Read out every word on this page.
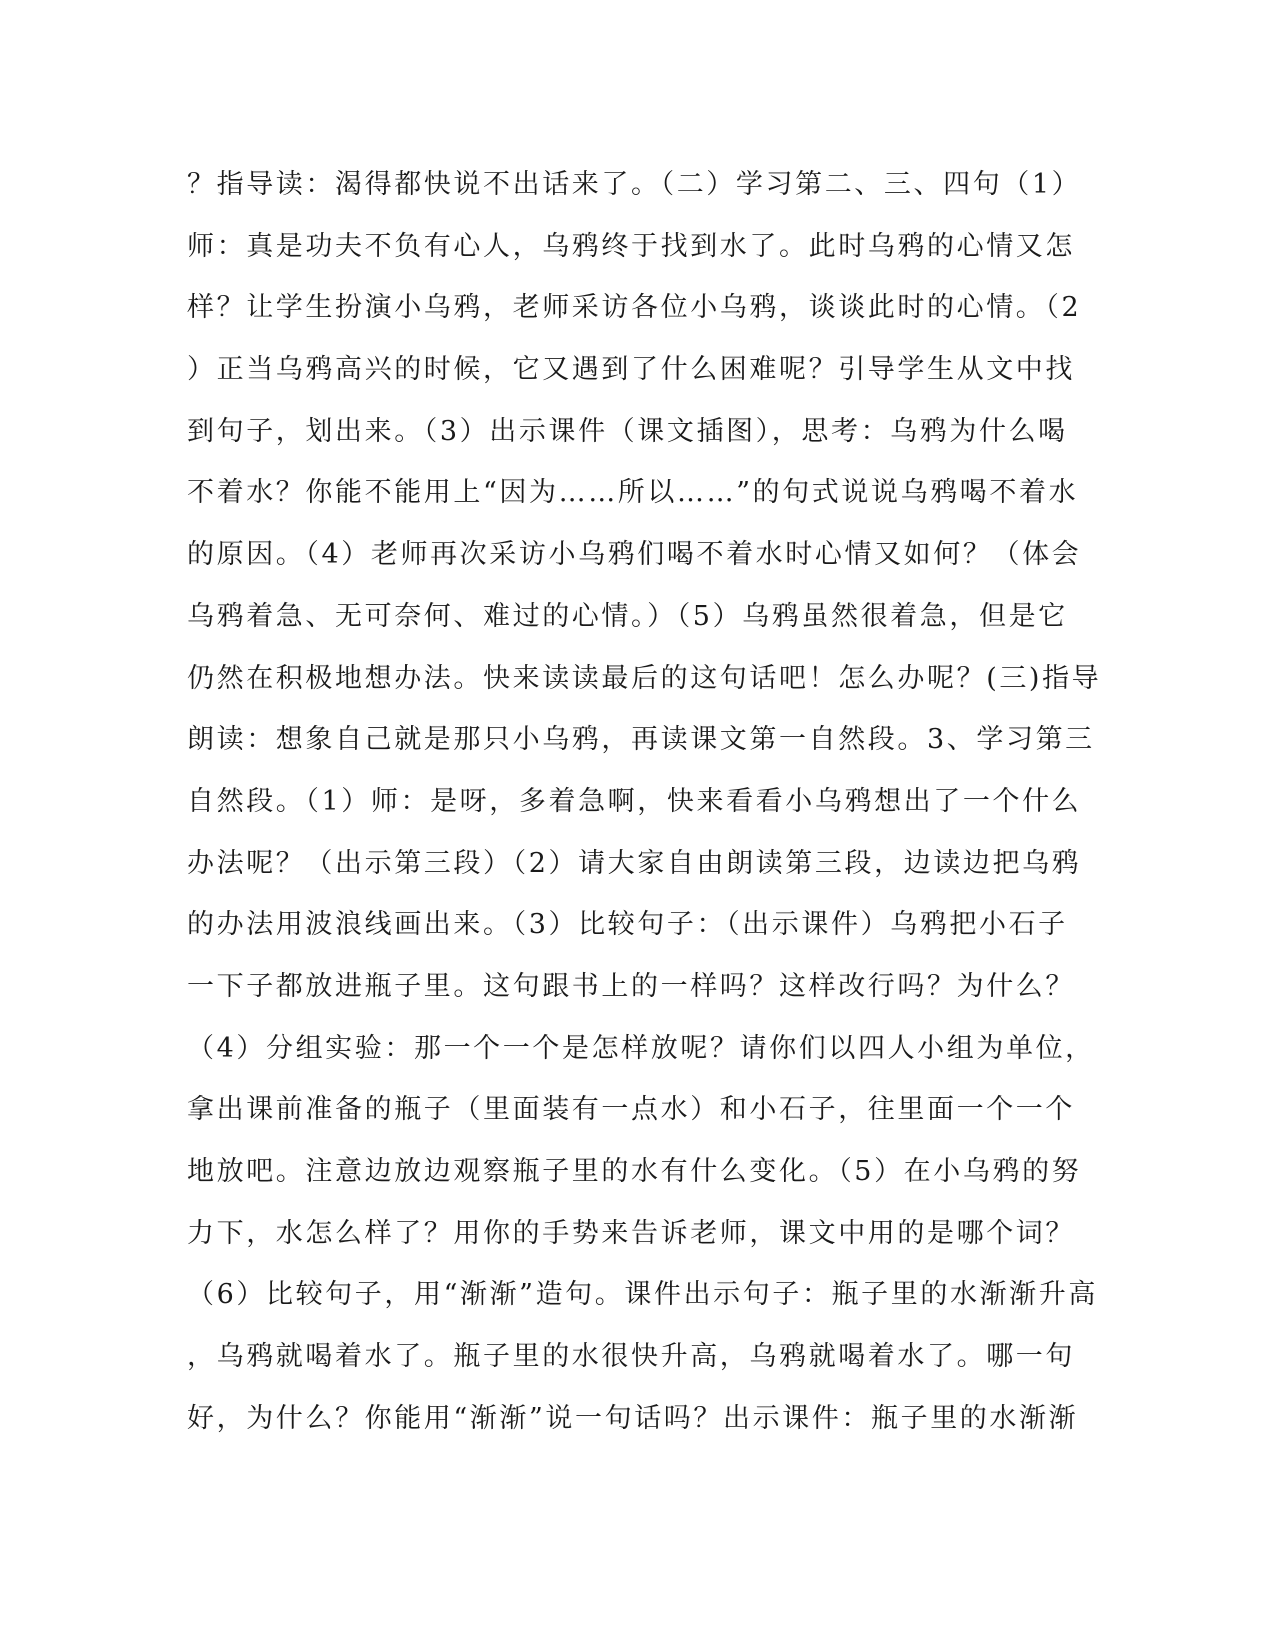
？指导读：渴得都快说不出话来了。（二）学习第二、三、四句（1）
师：真是功夫不负有心人，乌鸦终于找到水了。此时乌鸦的心情又怎
样？让学生扮演小乌鸦，老师采访各位小乌鸦，谈谈此时的心情。（2
）正当乌鸦高兴的时候，它又遇到了什么困难呢？引导学生从文中找
到句子，划出来。（3）出示课件（课文插图），思考：乌鸦为什么喝
不着水？你能不能用上“因为……所以……”的句式说说乌鸦喝不着水
的原因。（4）老师再次采访小乌鸦们喝不着水时心情又如何？（体会
乌鸦着急、无可奈何、难过的心情。）（5）乌鸦虽然很着急，但是它
仍然在积极地想办法。快来读读最后的这句话吧！怎么办呢？(三)指导
朗读：想象自己就是那只小乌鸦，再读课文第一自然段。3、学习第三
自然段。（1）师：是呀，多着急啊，快来看看小乌鸦想出了一个什么
办法呢？（出示第三段）（2）请大家自由朗读第三段，边读边把乌鸦
的办法用波浪线画出来。（3）比较句子：（出示课件）乌鸦把小石子
一下子都放进瓶子里。这句跟书上的一样吗？这样改行吗？为什么？
（4）分组实验：那一个一个是怎样放呢？请你们以四人小组为单位，
拿出课前准备的瓶子（里面装有一点水）和小石子，往里面一个一个
地放吧。注意边放边观察瓶子里的水有什么变化。（5）在小乌鸦的努
力下，水怎么样了？用你的手势来告诉老师，课文中用的是哪个词？
（6）比较句子，用“渐渐”造句。课件出示句子：瓶子里的水渐渐升高
，乌鸦就喝着水了。瓶子里的水很快升高，乌鸦就喝着水了。哪一句
好，为什么？你能用“渐渐”说一句话吗？出示课件：瓶子里的水渐渐
